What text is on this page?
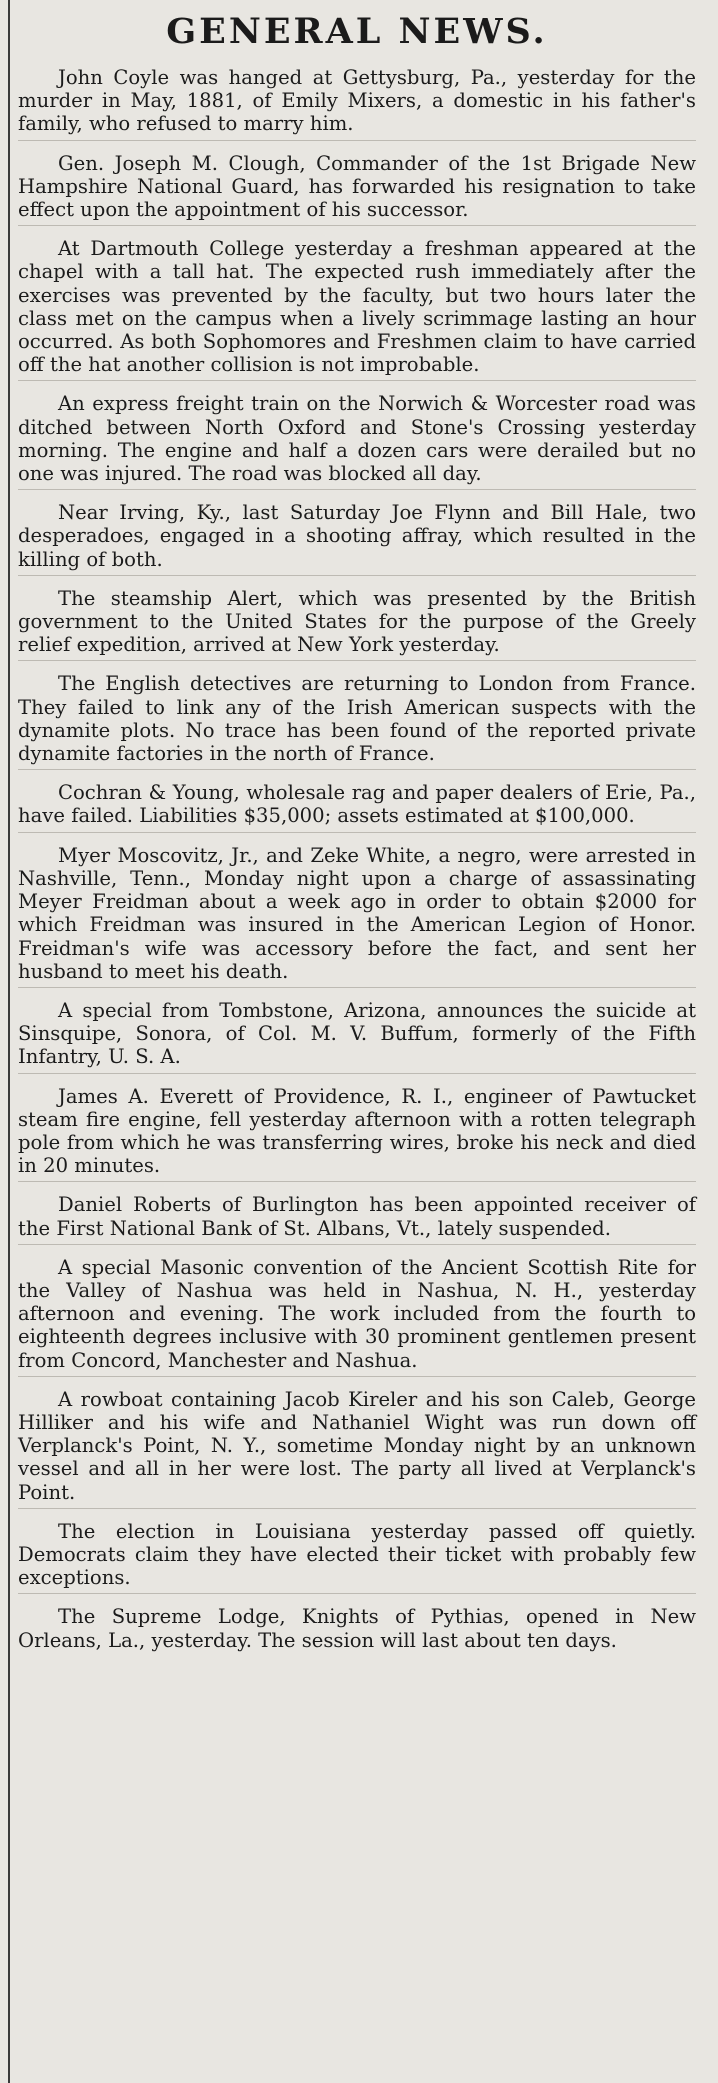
GENERAL NEWS.

John Coyle was hanged at Gettysburg, Pa., yesterday for the murder in May, 1881, of Emily Mixers, a domestic in his father's family, who refused to marry him.

Gen. Joseph M. Clough, Commander of the 1st Brigade New Hampshire National Guard, has forwarded his resignation to take effect upon the appointment of his successor.

At Dartmouth College yesterday a freshman appeared at the chapel with a tall hat. The expected rush immediately after the exercises was prevented by the faculty, but two hours later the class met on the campus when a lively scrimmage lasting an hour occurred. As both Sophomores and Freshmen claim to have carried off the hat another collision is not improbable.

An express freight train on the Norwich & Worcester road was ditched between North Oxford and Stone's Crossing yesterday morning. The engine and half a dozen cars were derailed but no one was injured. The road was blocked all day.

Near Irving, Ky., last Saturday Joe Flynn and Bill Hale, two desperadoes, engaged in a shooting affray, which resulted in the killing of both.

The steamship Alert, which was presented by the British government to the United States for the purpose of the Greely relief expedition, arrived at New York yesterday.

The English detectives are returning to London from France. They failed to link any of the Irish American suspects with the dynamite plots. No trace has been found of the reported private dynamite factories in the north of France.

Cochran & Young, wholesale rag and paper dealers of Erie, Pa., have failed. Liabilities $35,000; assets estimated at $100,000.

Myer Moscovitz, Jr., and Zeke White, a negro, were arrested in Nashville, Tenn., Monday night upon a charge of assassinating Meyer Freidman about a week ago in order to obtain $2000 for which Freidman was insured in the American Legion of Honor. Freidman's wife was accessory before the fact, and sent her husband to meet his death.

A special from Tombstone, Arizona, announces the suicide at Sinsquipe, Sonora, of Col. M. V. Buffum, formerly of the Fifth Infantry, U. S. A.

James A. Everett of Providence, R. I., engineer of Pawtucket steam fire engine, fell yesterday afternoon with a rotten telegraph pole from which he was transferring wires, broke his neck and died in 20 minutes.

Daniel Roberts of Burlington has been appointed receiver of the First National Bank of St. Albans, Vt., lately suspended.

A special Masonic convention of the Ancient Scottish Rite for the Valley of Nashua was held in Nashua, N. H., yesterday afternoon and evening. The work included from the fourth to eighteenth degrees inclusive with 30 prominent gentlemen present from Concord, Manchester and Nashua.

A rowboat containing Jacob Kireler and his son Caleb, George Hilliker and his wife and Nathaniel Wight was run down off Verplanck's Point, N. Y., sometime Monday night by an unknown vessel and all in her were lost. The party all lived at Verplanck's Point.

The election in Louisiana yesterday passed off quietly. Democrats claim they have elected their ticket with probably few exceptions.

The Supreme Lodge, Knights of Pythias, opened in New Orleans, La., yesterday. The session will last about ten days.
